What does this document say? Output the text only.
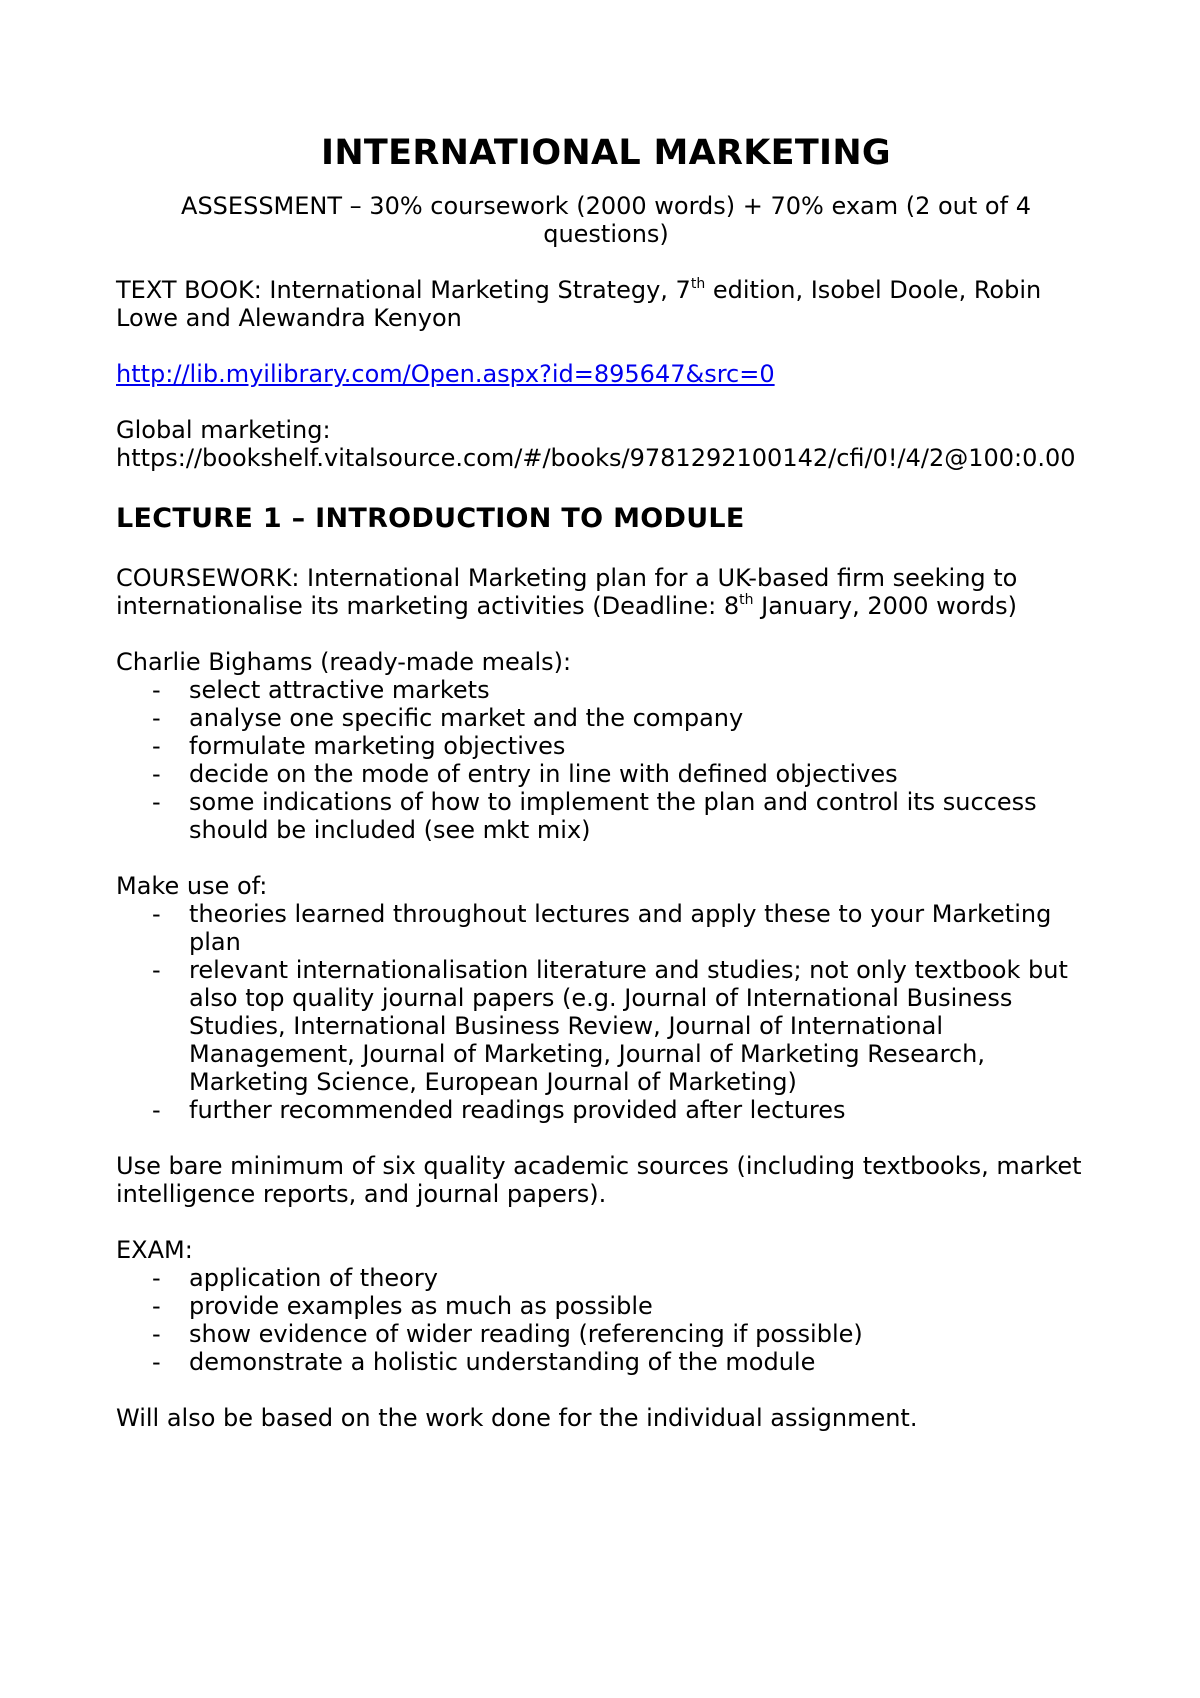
INTERNATIONAL MARKETING

ASSESSMENT – 30% coursework (2000 words) + 70% exam (2 out of 4 questions)

TEXT BOOK: International Marketing Strategy, 7th edition, Isobel Doole, Robin Lowe and Alewandra Kenyon

http://lib.myilibrary.com/Open.aspx?id=895647&src=0

Global marketing:

https://bookshelf.vitalsource.com/#/books/9781292100142/cfi/0!/4/2@100:0.00

LECTURE 1 – INTRODUCTION TO MODULE

COURSEWORK: International Marketing plan for a UK-based firm seeking to internationalise its marketing activities (Deadline: 8th January, 2000 words)

Charlie Bighams (ready-made meals):

- select attractive markets
- analyse one specific market and the company
- formulate marketing objectives
- decide on the mode of entry in line with defined objectives
- some indications of how to implement the plan and control its success should be included (see mkt mix)

Make use of:

- theories learned throughout lectures and apply these to your Marketing plan
- relevant internationalisation literature and studies; not only textbook but also top quality journal papers (e.g. Journal of International Business Studies, International Business Review, Journal of International Management, Journal of Marketing, Journal of Marketing Research, Marketing Science, European Journal of Marketing)
- further recommended readings provided after lectures

Use bare minimum of six quality academic sources (including textbooks, market intelligence reports, and journal papers).

EXAM:

- application of theory
- provide examples as much as possible
- show evidence of wider reading (referencing if possible)
- demonstrate a holistic understanding of the module

Will also be based on the work done for the individual assignment.
